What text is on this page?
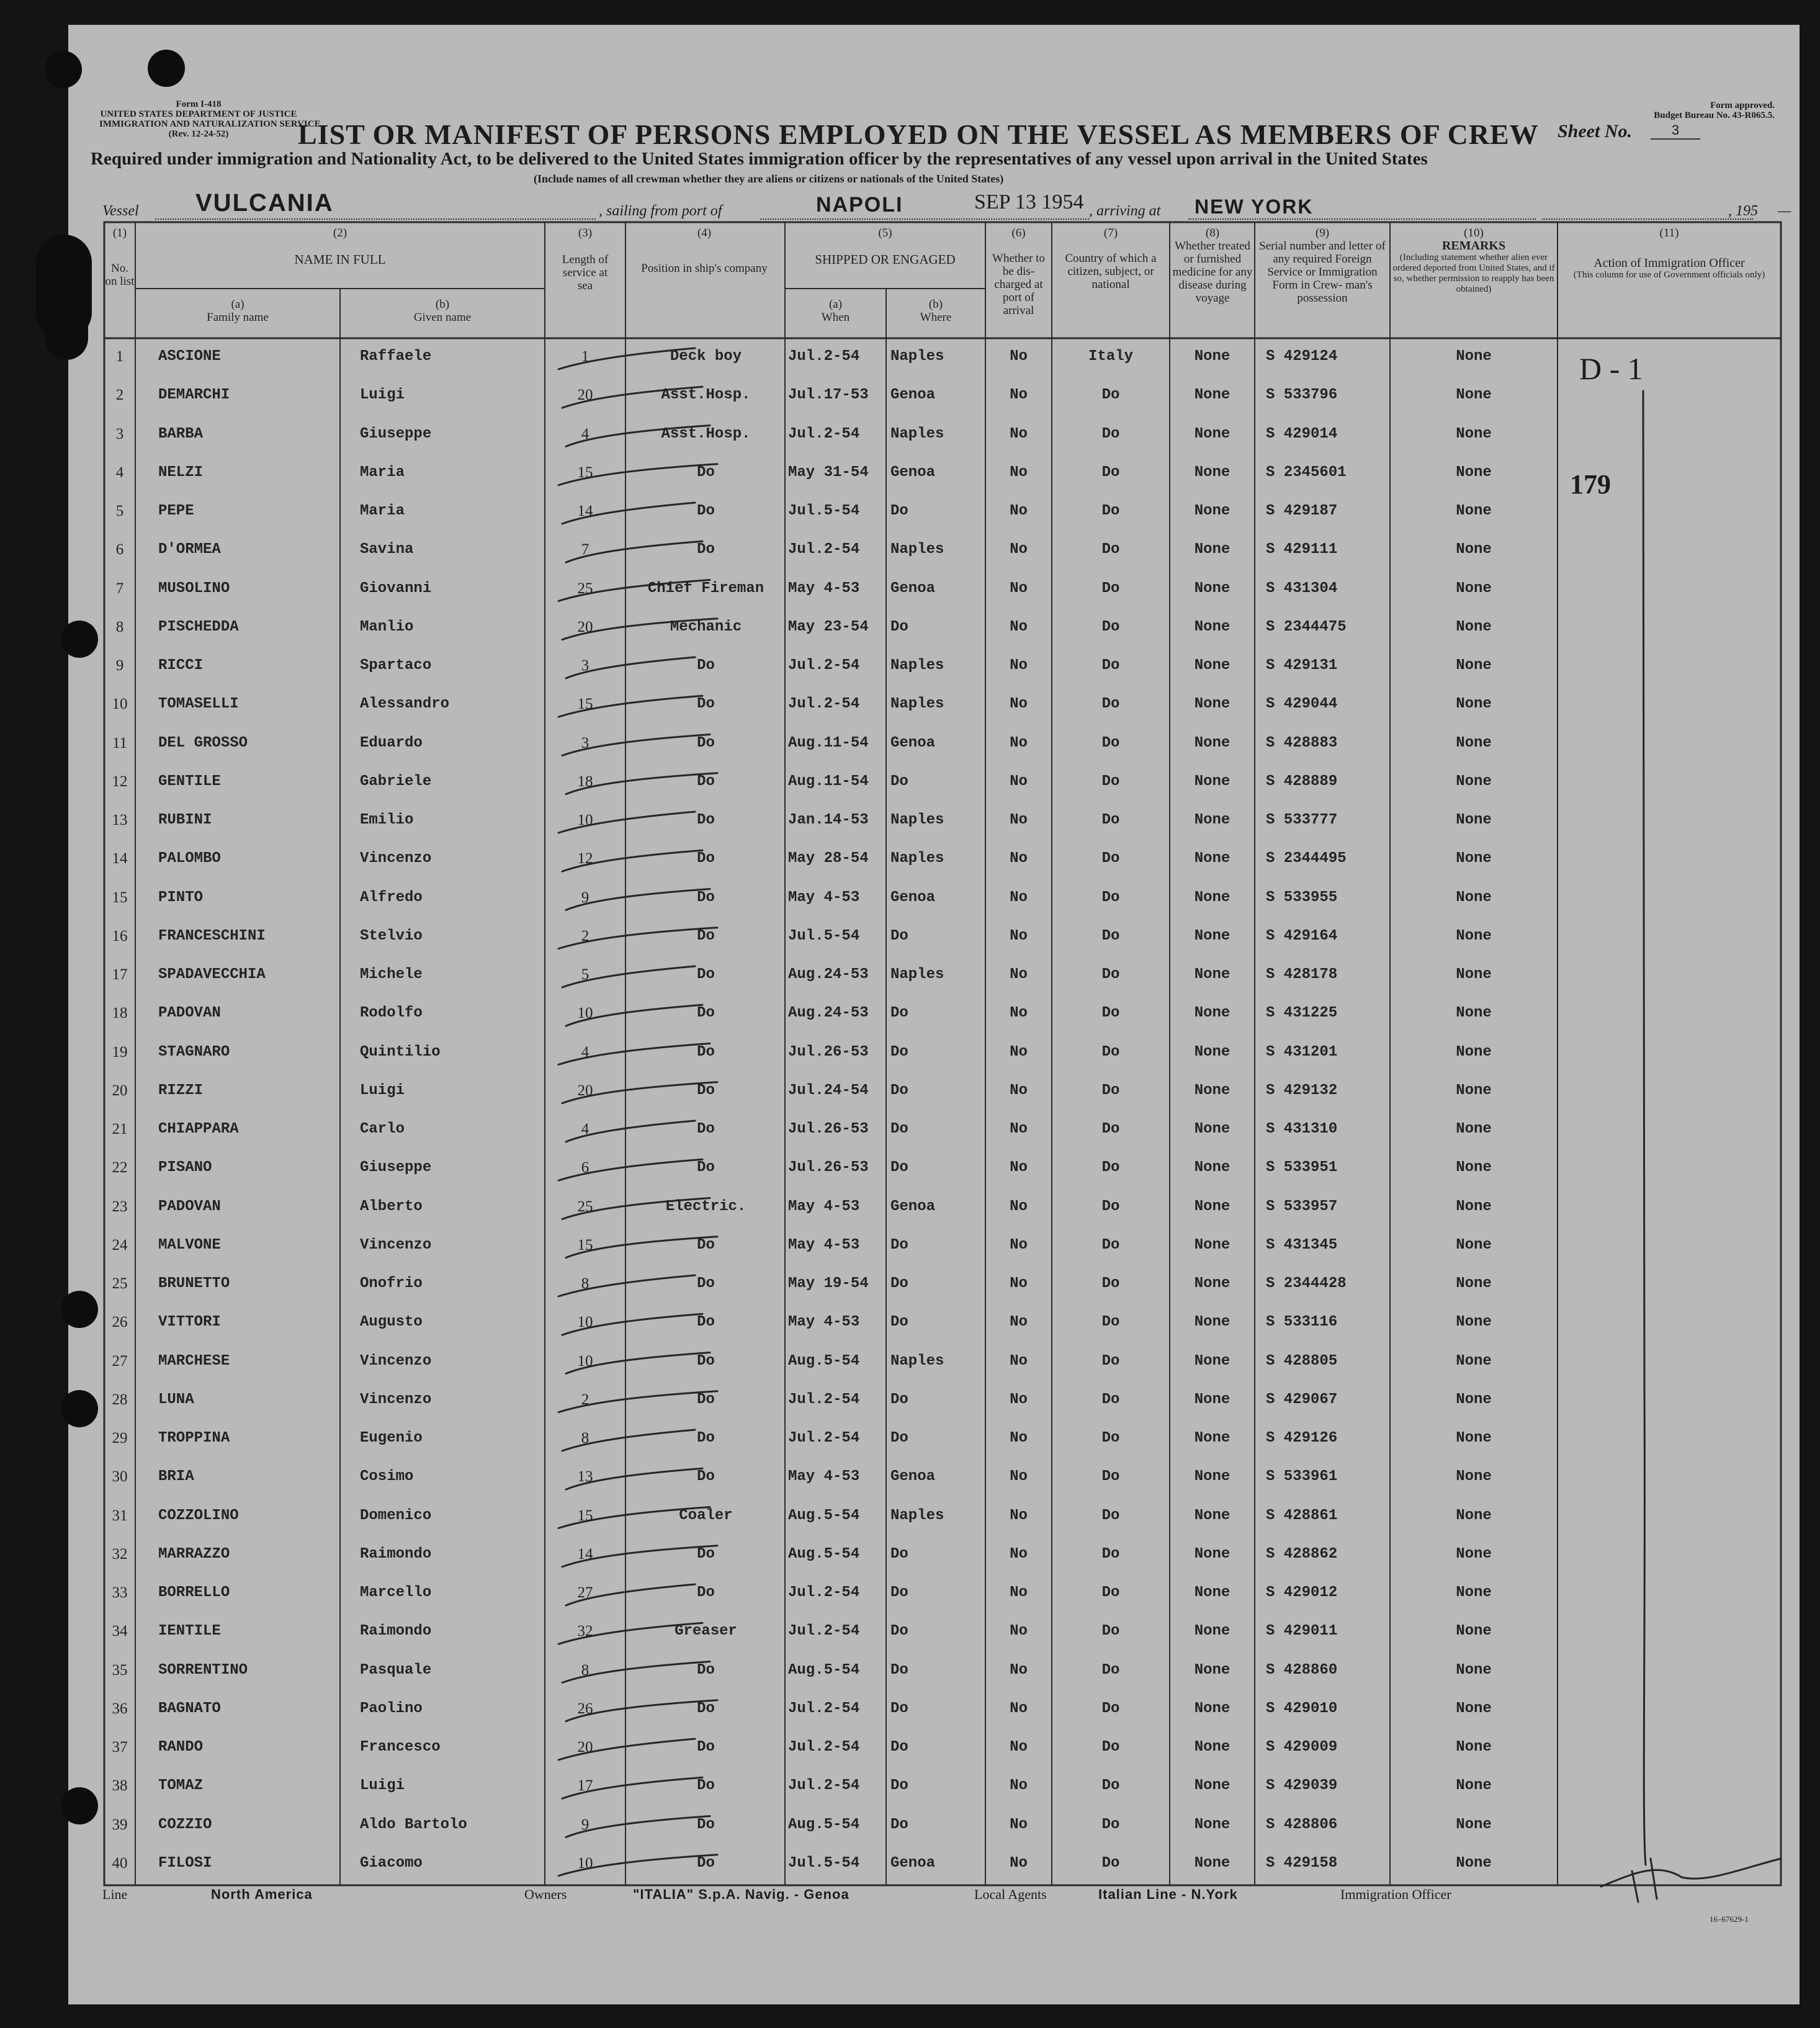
Form I-418
UNITED STATES DEPARTMENT OF JUSTICE
IMMIGRATION AND NATURALIZATION SERVICE
(Rev. 12-24-52)
Form approved.
Budget Bureau No. 43-R065.5.
LIST OR MANIFEST OF PERSONS EMPLOYED ON THE VESSEL AS MEMBERS OF CREW Sheet No.	3
Required under immigration and Nationality Act, to be delivered to the United States immigration officer by the representatives of any vessel upon arrival in the United States
(Include names of all crewman whether they are aliens or citizens or nationals of the United States)
Vessel VULCANIA	, sailing from port of	NAPOLI	SEP 13 1954 , arriving at NEW YORK	, 195 —
(1)
No. on list
(2)
NAME IN FULL
(a)
Family name
(b)
Given name
(3)
Length of service at sea
(4)
Position in ship's company
(5)
SHIPPED OR ENGAGED
(a)
When
(b)
Where
(6)
Whether to be dis- charged at port of arrival
(7)
Country of which a citizen, subject, or national
(8)
Whether treated or furnished medicine for any disease during voyage
(9)
Serial number and letter of any required Foreign Service or Immigration Form in Crew- man's possession
(10)
REMARKS
(Including statement whether alien ever ordered deported from United States, and if so, whether permission to reapply has been obtained)
(11)
Action of Immigration Officer
(This column for use of Government officials only)
1	ASCIONE	Raffaele	1	Deck boy	Jul.2-54	Naples	No	Italy	None	S 429124	None
2	DEMARCHI	Luigi	20	Asst.Hosp.	Jul.17-53	Genoa	No	Do	None	S 533796	None
3	BARBA	Giuseppe	4	Asst.Hosp.	Jul.2-54	Naples	No	Do	None	S 429014	None
4	NELZI	Maria	15	Do	May 31-54	Genoa	No	Do	None	S 2345601	None
5	PEPE	Maria	14	Do	Jul.5-54	Do	No	Do	None	S 429187	None
6	D'ORMEA	Savina	7	Do	Jul.2-54	Naples	No	Do	None	S 429111	None
7	MUSOLINO	Giovanni	25	Chief Fireman	May 4-53	Genoa	No	Do	None	S 431304	None
8	PISCHEDDA	Manlio	20	Mechanic	May 23-54	Do	No	Do	None	S 2344475	None
9	RICCI	Spartaco	3	Do	Jul.2-54	Naples	No	Do	None	S 429131	None
10	TOMASELLI	Alessandro	15	Do	Jul.2-54	Naples	No	Do	None	S 429044	None
11	DEL GROSSO	Eduardo	3	Do	Aug.11-54	Genoa	No	Do	None	S 428883	None
12	GENTILE	Gabriele	18	Do	Aug.11-54	Do	No	Do	None	S 428889	None
13	RUBINI	Emilio	10	Do	Jan.14-53	Naples	No	Do	None	S 533777	None
14	PALOMBO	Vincenzo	12	Do	May 28-54	Naples	No	Do	None	S 2344495	None
15	PINTO	Alfredo	9	Do	May 4-53	Genoa	No	Do	None	S 533955	None
16	FRANCESCHINI	Stelvio	2	Do	Jul.5-54	Do	No	Do	None	S 429164	None
17	SPADAVECCHIA	Michele	5	Do	Aug.24-53	Naples	No	Do	None	S 428178	None
18	PADOVAN	Rodolfo	10	Do	Aug.24-53	Do	No	Do	None	S 431225	None
19	STAGNARO	Quintilio	4	Do	Jul.26-53	Do	No	Do	None	S 431201	None
20	RIZZI	Luigi	20	Do	Jul.24-54	Do	No	Do	None	S 429132	None
21	CHIAPPARA	Carlo	4	Do	Jul.26-53	Do	No	Do	None	S 431310	None
22	PISANO	Giuseppe	6	Do	Jul.26-53	Do	No	Do	None	S 533951	None
23	PADOVAN	Alberto	25	Electric.	May 4-53	Genoa	No	Do	None	S 533957	None
24	MALVONE	Vincenzo	15	Do	May 4-53	Do	No	Do	None	S 431345	None
25	BRUNETTO	Onofrio	8	Do	May 19-54	Do	No	Do	None	S 2344428	None
26	VITTORI	Augusto	10	Do	May 4-53	Do	No	Do	None	S 533116	None
27	MARCHESE	Vincenzo	10	Do	Aug.5-54	Naples	No	Do	None	S 428805	None
28	LUNA	Vincenzo	2	Do	Jul.2-54	Do	No	Do	None	S 429067	None
29	TROPPINA	Eugenio	8	Do	Jul.2-54	Do	No	Do	None	S 429126	None
30	BRIA	Cosimo	13	Do	May 4-53	Genoa	No	Do	None	S 533961	None
31	COZZOLINO	Domenico	15	Coaler	Aug.5-54	Naples	No	Do	None	S 428861	None
32	MARRAZZO	Raimondo	14	Do	Aug.5-54	Do	No	Do	None	S 428862	None
33	BORRELLO	Marcello	27	Do	Jul.2-54	Do	No	Do	None	S 429012	None
34	IENTILE	Raimondo	32	Greaser	Jul.2-54	Do	No	Do	None	S 429011	None
35	SORRENTINO	Pasquale	8	Do	Aug.5-54	Do	No	Do	None	S 428860	None
36	BAGNATO	Paolino	26	Do	Jul.2-54	Do	No	Do	None	S 429010	None
37	RANDO	Francesco	20	Do	Jul.2-54	Do	No	Do	None	S 429009	None
38	TOMAZ	Luigi	17	Do	Jul.2-54	Do	No	Do	None	S 429039	None
39	COZZIO	Aldo Bartolo	9	Do	Aug.5-54	Do	No	Do	None	S 428806	None
40	FILOSI	Giacomo	10	Do	Jul.5-54	Genoa	No	Do	None	S 429158	None
D - 1
179
Line	North America	Owners	"ITALIA" S.p.A. Navig. - Genoa	Local Agents	Italian Line - N.York	Immigration Officer
16–67629-1
